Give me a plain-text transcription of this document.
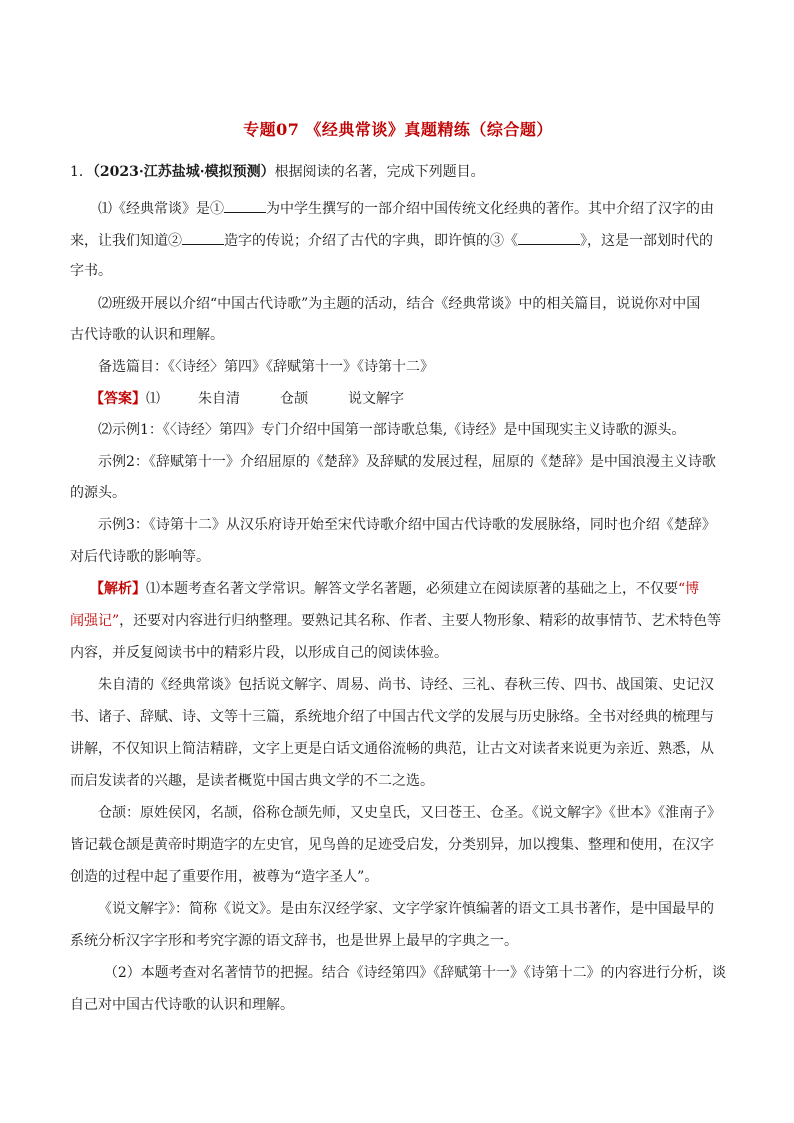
专题07 《经典常谈》真题精练（综合题）
1．（2023·江苏盐城·模拟预测）根据阅读的名著，完成下列题目。
⑴《经典常谈》是①	为中学生撰写的一部介绍中国传统文化经典的著作。其中介绍了汉字的由
来，让我们知道②	造字的传说；介绍了古代的字典，即许慎的③《	》，这是一部划时代的
字书。
⑵班级开展以介绍“中国古代诗歌”为主题的活动，结合《经典常谈》中的相关篇目，说说你对中国
古代诗歌的认识和理解。
备选篇目：《〈诗经〉第四》《辞赋第十一》《诗第十二》
【答案】⑴	朱自清	仓颉	说文解字
⑵示例1：《〈诗经〉第四》专门介绍中国第一部诗歌总集,《诗经》是中国现实主义诗歌的源头。
示例2：《辞赋第十一》介绍屈原的《楚辞》及辞赋的发展过程，屈原的《楚辞》是中国浪漫主义诗歌
的源头。
示例3：《诗第十二》从汉乐府诗开始至宋代诗歌介绍中国古代诗歌的发展脉络，同时也介绍《楚辞》
对后代诗歌的影响等。
【解析】⑴本题考查名著文学常识。解答文学名著题，必须建立在阅读原著的基础之上，不仅要“博
闻强记”，还要对内容进行归纳整理。要熟记其名称、作者、主要人物形象、精彩的故事情节、艺术特色等
内容，并反复阅读书中的精彩片段，以形成自己的阅读体验。
朱自清的《经典常谈》包括说文解字、周易、尚书、诗经、三礼、春秋三传、四书、战国策、史记汉
书、诸子、辞赋、诗、文等十三篇，系统地介绍了中国古代文学的发展与历史脉络。全书对经典的梳理与
讲解，不仅知识上简洁精辟，文字上更是白话文通俗流畅的典范，让古文对读者来说更为亲近、熟悉，从
而启发读者的兴趣，是读者概览中国古典文学的不二之选。
仓颉：原姓侯冈，名颉，俗称仓颉先师，又史皇氏，又曰苍王、仓圣。《说文解字》《世本》《淮南子》
皆记载仓颉是黄帝时期造字的左史官，见鸟兽的足迹受启发，分类别异，加以搜集、整理和使用，在汉字
创造的过程中起了重要作用，被尊为“造字圣人”。
《说文解字》：简称《说文》。是由东汉经学家、文字学家许慎编著的语文工具书著作，是中国最早的
系统分析汉字字形和考究字源的语文辞书，也是世界上最早的字典之一。
（2）本题考查对名著情节的把握。结合《诗经第四》《辞赋第十一》《诗第十二》的内容进行分析，谈
自己对中国古代诗歌的认识和理解。
